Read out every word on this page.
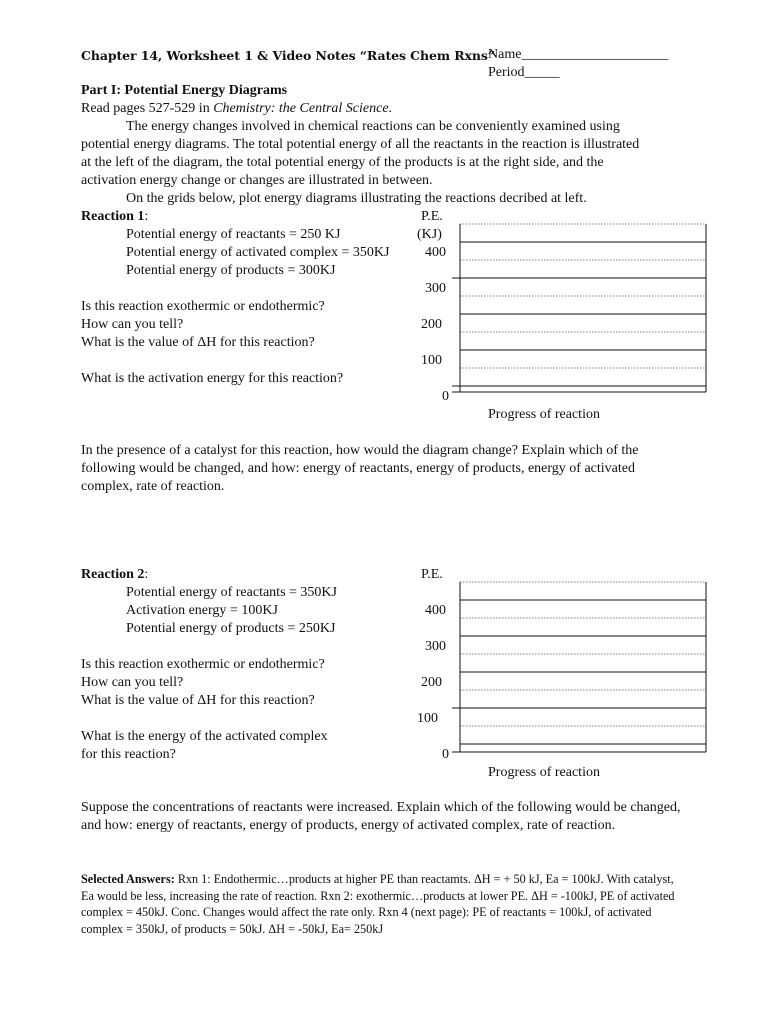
Chapter 14, Worksheet 1 & Video Notes “Rates Chem Rxns”
Name_____________________
Period_____
Part I: Potential Energy Diagrams
Read pages 527-529 in Chemistry: the Central Science.
The energy changes involved in chemical reactions can be conveniently examined using
potential energy diagrams. The total potential energy of all the reactants in the reaction is illustrated
at the left of the diagram, the total potential energy of the products is at the right side, and the
activation energy change or changes are illustrated in between.
On the grids below, plot energy diagrams illustrating the reactions decribed at left.
Reaction 1:
Potential energy of reactants = 250 KJ
Potential energy of activated complex = 350KJ
Potential energy of products = 300KJ
Is this reaction exothermic or endothermic?
How can you tell?
What is the value of ΔH for this reaction?
What is the activation energy for this reaction?
P.E.
(KJ)
400
300
200
100
0
Progress of reaction
In the presence of a catalyst for this reaction, how would the diagram change? Explain which of the following would be changed, and how: energy of reactants, energy of products, energy of activated complex, rate of reaction.
Reaction 2:
Potential energy of reactants = 350KJ
Activation energy = 100KJ
Potential energy of products = 250KJ
Is this reaction exothermic or endothermic?
How can you tell?
What is the value of ΔH for this reaction?
What is the energy of the activated complex
for this reaction?
P.E.
400
300
200
100
0
Progress of reaction
Suppose the concentrations of reactants were increased. Explain which of the following would be changed, and how: energy of reactants, energy of products, energy of activated complex, rate of reaction.
Selected Answers: Rxn 1: Endothermic…products at higher PE than reactamts. ΔH = + 50 kJ, Ea = 100kJ. With catalyst, Ea would be less, increasing the rate of reaction. Rxn 2: exothermic…products at lower PE. ΔH = -100kJ, PE of activated complex = 450kJ. Conc. Changes would affect the rate only. Rxn 4 (next page): PE of reactants = 100kJ, of activated complex = 350kJ, of products = 50kJ. ΔH = -50kJ, Ea= 250kJ
